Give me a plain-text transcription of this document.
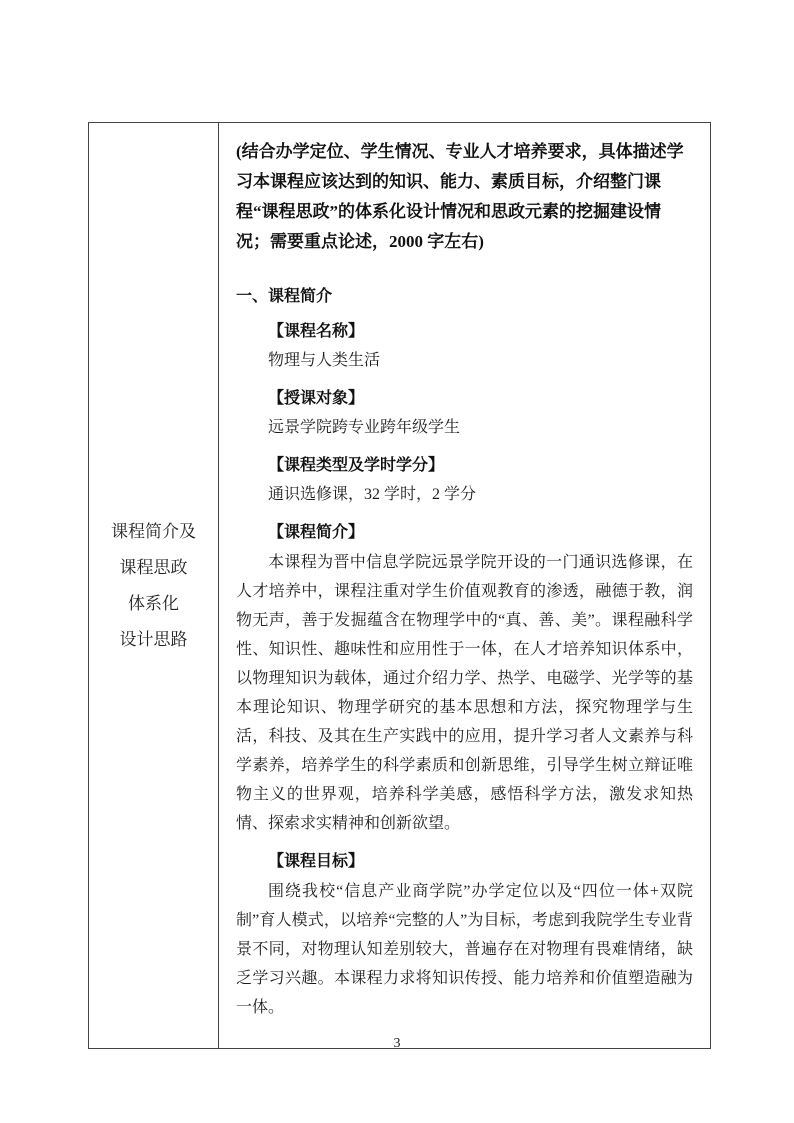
课程简介及
课程思政
体系化
设计思路

(结合办学定位、学生情况、专业人才培养要求，具体描述学习本课程应该达到的知识、能力、素质目标，介绍整门课程“课程思政”的体系化设计情况和思政元素的挖掘建设情况；需要重点论述，2000 字左右)

一、课程简介
【课程名称】
物理与人类生活
【授课对象】
远景学院跨专业跨年级学生
【课程类型及学时学分】
通识选修课，32 学时，2 学分
【课程简介】

本课程为晋中信息学院远景学院开设的一门通识选修课，在人才培养中，课程注重对学生价值观教育的渗透，融德于教，润物无声，善于发掘蕴含在物理学中的“真、善、美”。课程融科学性、知识性、趣味性和应用性于一体，在人才培养知识体系中，以物理知识为载体，通过介绍力学、热学、电磁学、光学等的基本理论知识、物理学研究的基本思想和方法，探究物理学与生活，科技、及其在生产实践中的应用，提升学习者人文素养与科学素养，培养学生的科学素质和创新思维，引导学生树立辩证唯物主义的世界观，培养科学美感，感悟科学方法，激发求知热情、探索求实精神和创新欲望。

【课程目标】

围绕我校“信息产业商学院”办学定位以及“四位一体+双院制”育人模式，以培养“完整的人”为目标，考虑到我院学生专业背景不同，对物理认知差别较大，普遍存在对物理有畏难情绪，缺乏学习兴趣。本课程力求将知识传授、能力培养和价值塑造融为一体。

3
